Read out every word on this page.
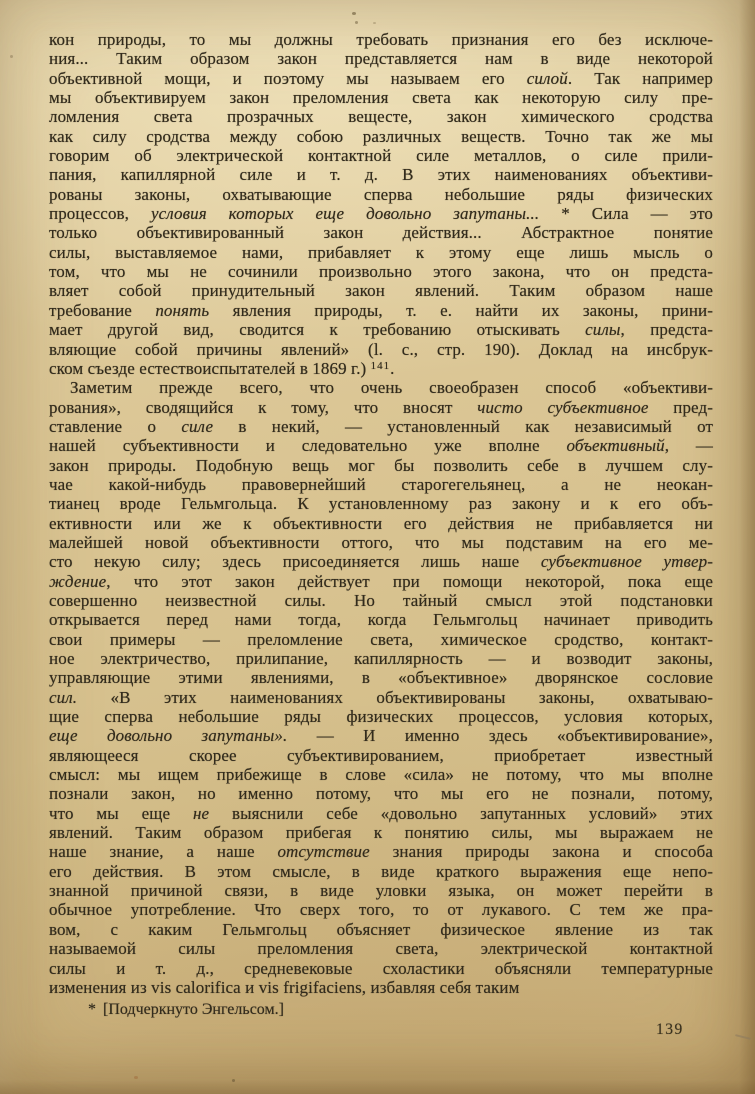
кон природы, то мы должны требовать признания его без исключе-
ния... Таким образом закон представляется нам в виде некоторой
объективной мощи, и поэтому мы называем его силой. Так например
мы объективируем закон преломления света как некоторую силу пре-
ломления света прозрачных вещесте, закон химического сродства
как силу сродства между собою различных веществ. Точно так же мы
говорим об электрической контактной силе металлов, о силе прили-
пания, капиллярной силе и т. д. В этих наименованиях объективи-
рованы законы, охватывающие сперва небольшие ряды физических
процессов, условия которых еще довольно запутаны... * Сила — это
только объективированный закон действия... Абстрактное понятие
силы, выставляемое нами, прибавляет к этому еще лишь мысль о
том, что мы не сочинили произвольно этого закона, что он предста-
вляет собой принудительный закон явлений. Таким образом наше
требование понять явления природы, т. е. найти их законы, прини-
мает другой вид, сводится к требованию отыскивать силы, предста-
вляющие собой причины явлений» (l. c., стр. 190). Доклад на инсбрук-
ском съезде естествоиспытателей в 1869 г.) $^{141}$.
Заметим прежде всего, что очень своеобразен способ «объективи-
рования», сводящийся к тому, что вносят чисто субъективное пред-
ставление о силе в некий, — установленный как независимый от
нашей субъективности и следовательно уже вполне объективный, —
закон природы. Подобную вещь мог бы позволить себе в лучшем слу-
чае какой-нибудь правовернейший старогегельянец, а не неокан-
тианец вроде Гельмгольца. К установленному раз закону и к его объ-
ективности или же к объективности его действия не прибавляется ни
малейшей новой объективности оттого, что мы подставим на его ме-
сто некую силу; здесь присоединяется лишь наше субъективное утвер-
ждение, что этот закон действует при помощи некоторой, пока еще
совершенно неизвестной силы. Но тайный смысл этой подстановки
открывается перед нами тогда, когда Гельмгольц начинает приводить
свои примеры — преломление света, химическое сродство, контакт-
ное электричество, прилипание, капиллярность — и возводит законы,
управляющие этими явлениями, в «объективное» дворянское сословие
сил. «В этих наименованиях объективированы законы, охватываю-
щие сперва небольшие ряды физических процессов, условия которых,
еще довольно запутаны». — И именно здесь «объективирование»,
являющееся скорее субъективированием, приобретает известный
смысл: мы ищем прибежище в слове «сила» не потому, что мы вполне
познали закон, но именно потому, что мы его не познали, потому,
что мы еще не выяснили себе «довольно запутанных условий» этих
явлений. Таким образом прибегая к понятию силы, мы выражаем не
наше знание, а наше отсутствие знания природы закона и способа
его действия. В этом смысле, в виде краткого выражения еще непо-
знанной причиной связи, в виде уловки языка, он может перейти в
обычное употребление. Что сверх того, то от лукавого. С тем же пра-
вом, с каким Гельмгольц объясняет физическое явление из так
называемой силы преломления света, электрической контактной
силы и т. д., средневековые схоластики объясняли температурные
изменения из vis calorifica и vis frigifaciens, избавляя себя таким
* [Подчеркнуто Энгельсом.]
139
